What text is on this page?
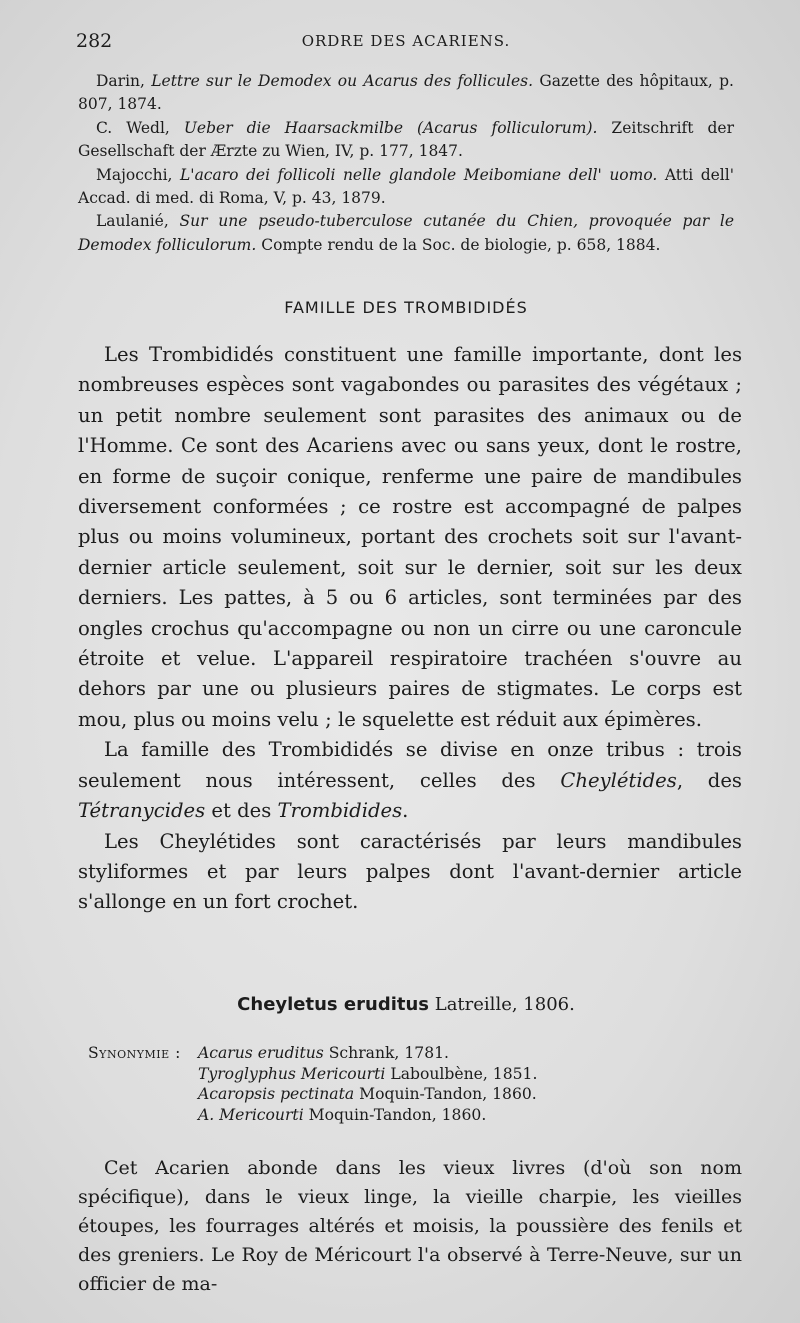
282	ORDRE DES ACARIENS.

Darin, Lettre sur le Demodex ou Acarus des follicules. Gazette des hôpitaux, p. 807, 1874.

C. Wedl, Ueber die Haarsackmilbe (Acarus folliculorum). Zeitschrift der Gesellschaft der Ærzte zu Wien, IV, p. 177, 1847.

Majocchi, L'acaro dei follicoli nelle glandole Meibomiane dell' uomo. Atti dell' Accad. di med. di Roma, V, p. 43, 1879.

Laulanié, Sur une pseudo-tuberculose cutanée du Chien, provoquée par le Demodex folliculorum. Compte rendu de la Soc. de biologie, p. 658, 1884.

FAMILLE DES TROMBIDIDÉS

Les Trombididés constituent une famille importante, dont les nombreuses espèces sont vagabondes ou parasites des végétaux ; un petit nombre seulement sont parasites des animaux ou de l'Homme. Ce sont des Acariens avec ou sans yeux, dont le rostre, en forme de suçoir conique, renferme une paire de mandibules diversement conformées ; ce rostre est accompagné de palpes plus ou moins volumineux, portant des crochets soit sur l'avant-dernier article seulement, soit sur le dernier, soit sur les deux derniers. Les pattes, à 5 ou 6 articles, sont terminées par des ongles crochus qu'accompagne ou non un cirre ou une caroncule étroite et velue. L'appareil respiratoire trachéen s'ouvre au dehors par une ou plusieurs paires de stigmates. Le corps est mou, plus ou moins velu ; le squelette est réduit aux épimères.

La famille des Trombididés se divise en onze tribus : trois seulement nous intéressent, celles des Cheylétides, des Tétranycides et des Trombidides.

Les Cheylétides sont caractérisés par leurs mandibules styliformes et par leurs palpes dont l'avant-dernier article s'allonge en un fort crochet.

Cheyletus eruditus Latreille, 1806.
Synonymie : Acarus eruditus Schrank, 1781.
Tyroglyphus Mericourti Laboulbène, 1851.
Acaropsis pectinata Moquin-Tandon, 1860.
A. Mericourti Moquin-Tandon, 1860.

Cet Acarien abonde dans les vieux livres (d'où son nom spécifique), dans le vieux linge, la vieille charpie, les vieilles étoupes, les fourrages altérés et moisis, la poussière des fenils et des greniers. Le Roy de Méricourt l'a observé à Terre-Neuve, sur un officier de ma-
